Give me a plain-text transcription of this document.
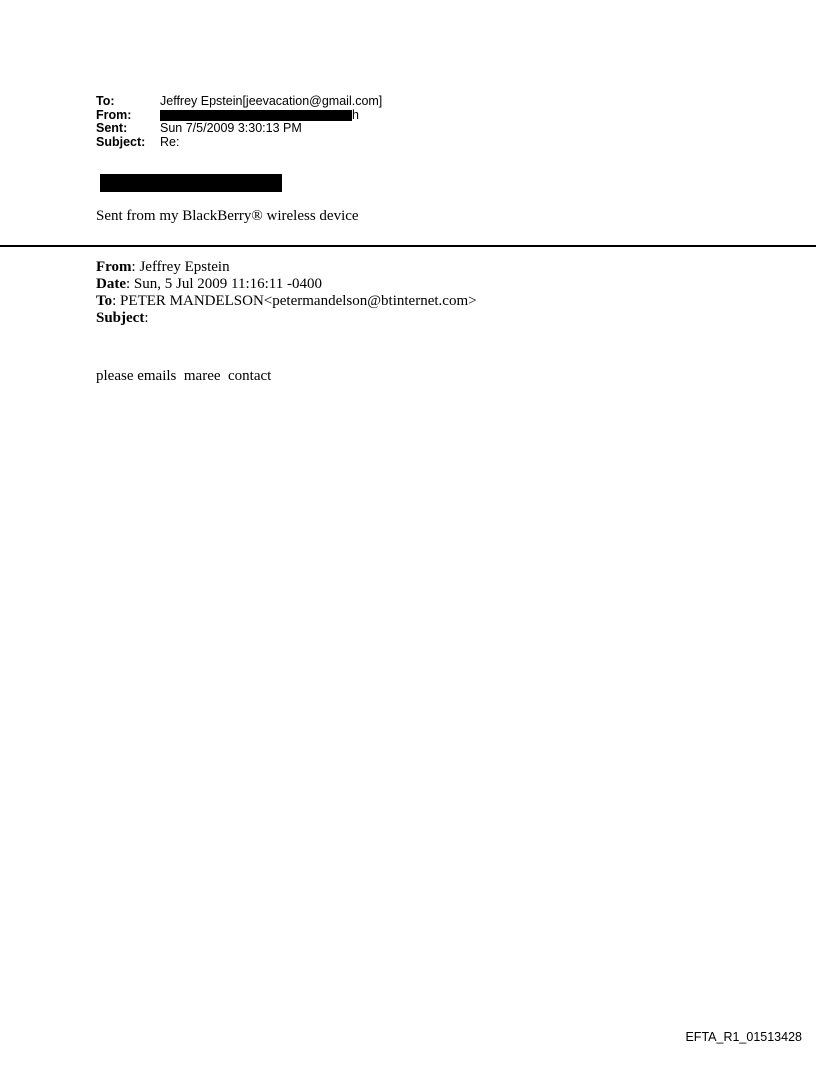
To:	Jeffrey Epstein[jeevacation@gmail.com]
From:	h
Sent:	Sun 7/5/2009 3:30:13 PM
Subject:	Re:
Sent from my BlackBerry® wireless device
From: Jeffrey Epstein
Date: Sun, 5 Jul 2009 11:16:11 -0400
To: PETER MANDELSON<petermandelson@btinternet.com>
Subject:
please emails  maree  contact
EFTA_R1_01513428
